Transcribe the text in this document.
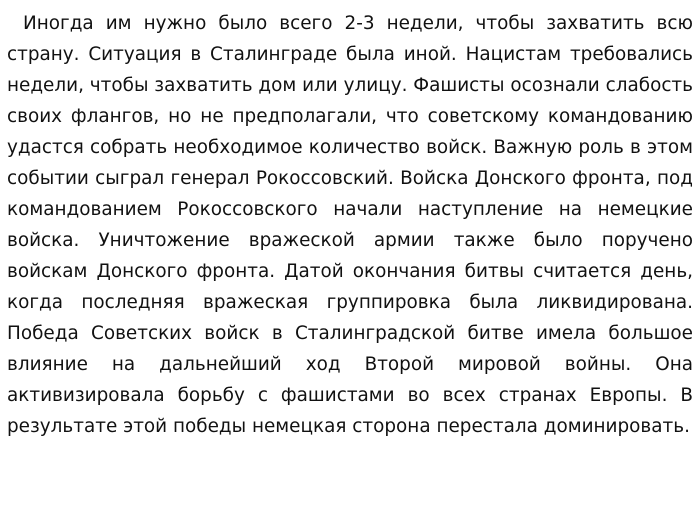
Иногда им нужно было всего 2-3 недели, чтобы захватить всю страну. Ситуация в Сталинграде была иной. Нацистам требовались недели, чтобы захватить дом или улицу. Фашисты осознали слабость своих флангов, но не предполагали, что советскому командованию удастся собрать необходимое количество войск. Важную роль в этом событии сыграл генерал Рокоссовский. Войска Донского фронта, под командованием Рокоссовского начали наступление на немецкие войска. Уничтожение вражеской армии также было поручено войскам Донского фронта. Датой окончания битвы считается день, когда последняя вражеская группировка была ликвидирована. Победа Советских войск в Сталинградской битве имела большое влияние на дальнейший ход Второй мировой войны. Она активизировала борьбу с фашистами во всех странах Европы. В результате этой победы немецкая сторона перестала доминировать.
